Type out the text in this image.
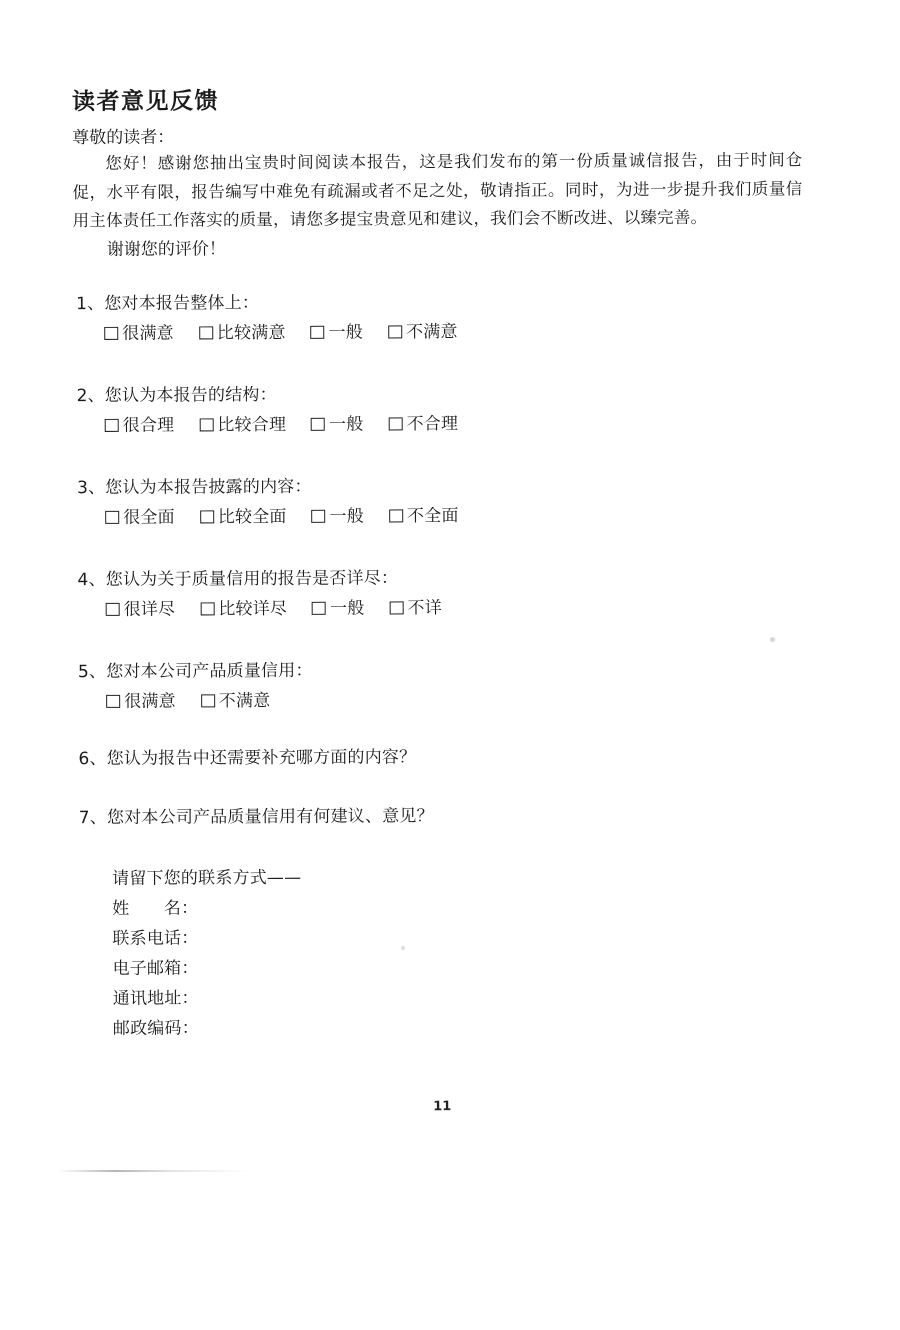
读者意见反馈
尊敬的读者：

您好！感谢您抽出宝贵时间阅读本报告，这是我们发布的第一份质量诚信报告，由于时间仓促，水平有限，报告编写中难免有疏漏或者不足之处，敬请指正。同时，为进一步提升我们质量信用主体责任工作落实的质量，请您多提宝贵意见和建议，我们会不断改进、以臻完善。

谢谢您的评价！
1、您对本报告整体上：
很满意	比较满意	一般	不满意
2、您认为本报告的结构：
很合理	比较合理	一般	不合理
3、您认为本报告披露的内容：
很全面	比较全面	一般	不全面
4、您认为关于质量信用的报告是否详尽：
很详尽	比较详尽	一般	不详
5、您对本公司产品质量信用：
很满意	不满意
6、您认为报告中还需要补充哪方面的内容？
7、您对本公司产品质量信用有何建议、意见？
请留下您的联系方式——
姓　　名：
联系电话：
电子邮箱：
通讯地址：
邮政编码：
11
